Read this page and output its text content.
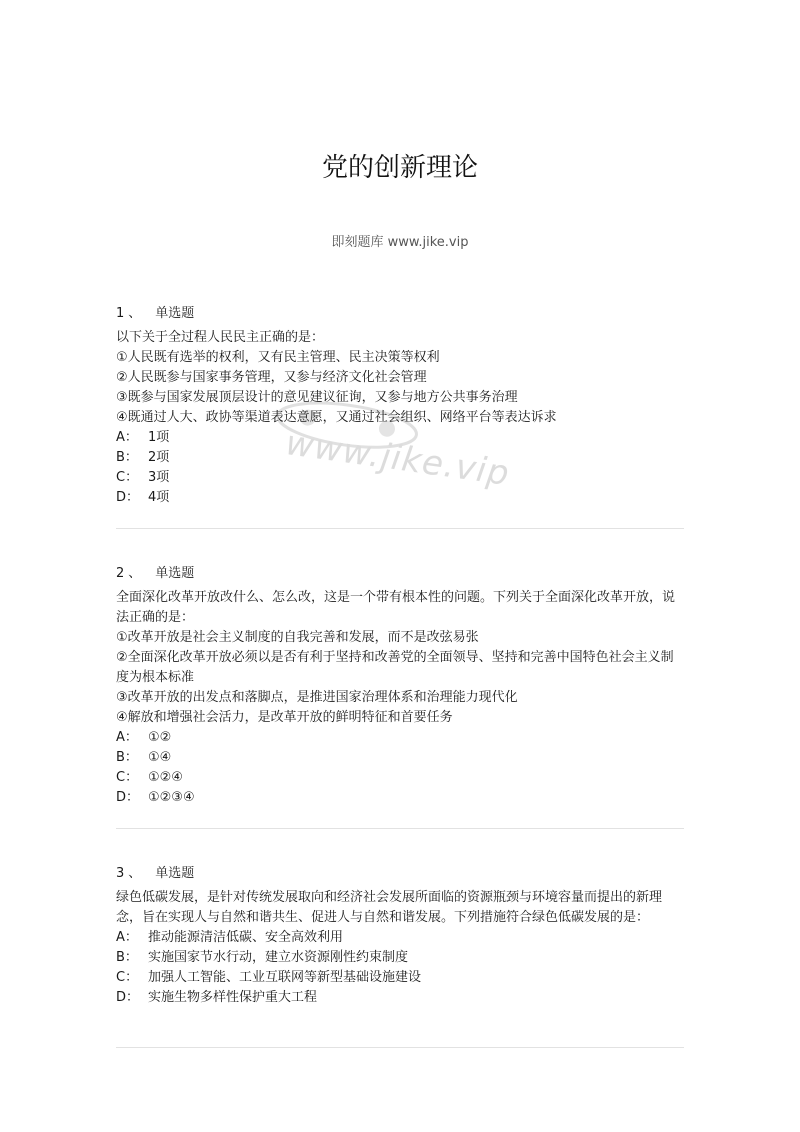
党的创新理论
即刻题库 www.jike.vip
www.jike.vip
1 、 单选题

以下关于全过程人民民主正确的是：

①人民既有选举的权利，又有民主管理、民主决策等权利

②人民既参与国家事务管理，又参与经济文化社会管理

③既参与国家发展顶层设计的意见建议征询，又参与地方公共事务治理

④既通过人大、政协等渠道表达意愿，又通过社会组织、网络平台等表达诉求

A： 1项
B： 2项
C： 3项
D： 4项
2 、 单选题

全面深化改革开放改什么、怎么改，这是一个带有根本性的问题。下列关于全面深化改革开放，说法正确的是：

①改革开放是社会主义制度的自我完善和发展，而不是改弦易张

②全面深化改革开放必须以是否有利于坚持和改善党的全面领导、坚持和完善中国特色社会主义制度为根本标准

③改革开放的出发点和落脚点，是推进国家治理体系和治理能力现代化

④解放和增强社会活力，是改革开放的鲜明特征和首要任务

A： ①②
B： ①④
C： ①②④
D： ①②③④
3 、 单选题

绿色低碳发展，是针对传统发展取向和经济社会发展所面临的资源瓶颈与环境容量而提出的新理念，旨在实现人与自然和谐共生、促进人与自然和谐发展。下列措施符合绿色低碳发展的是：

A： 推动能源清洁低碳、安全高效利用
B： 实施国家节水行动，建立水资源刚性约束制度
C： 加强人工智能、工业互联网等新型基础设施建设
D： 实施生物多样性保护重大工程
